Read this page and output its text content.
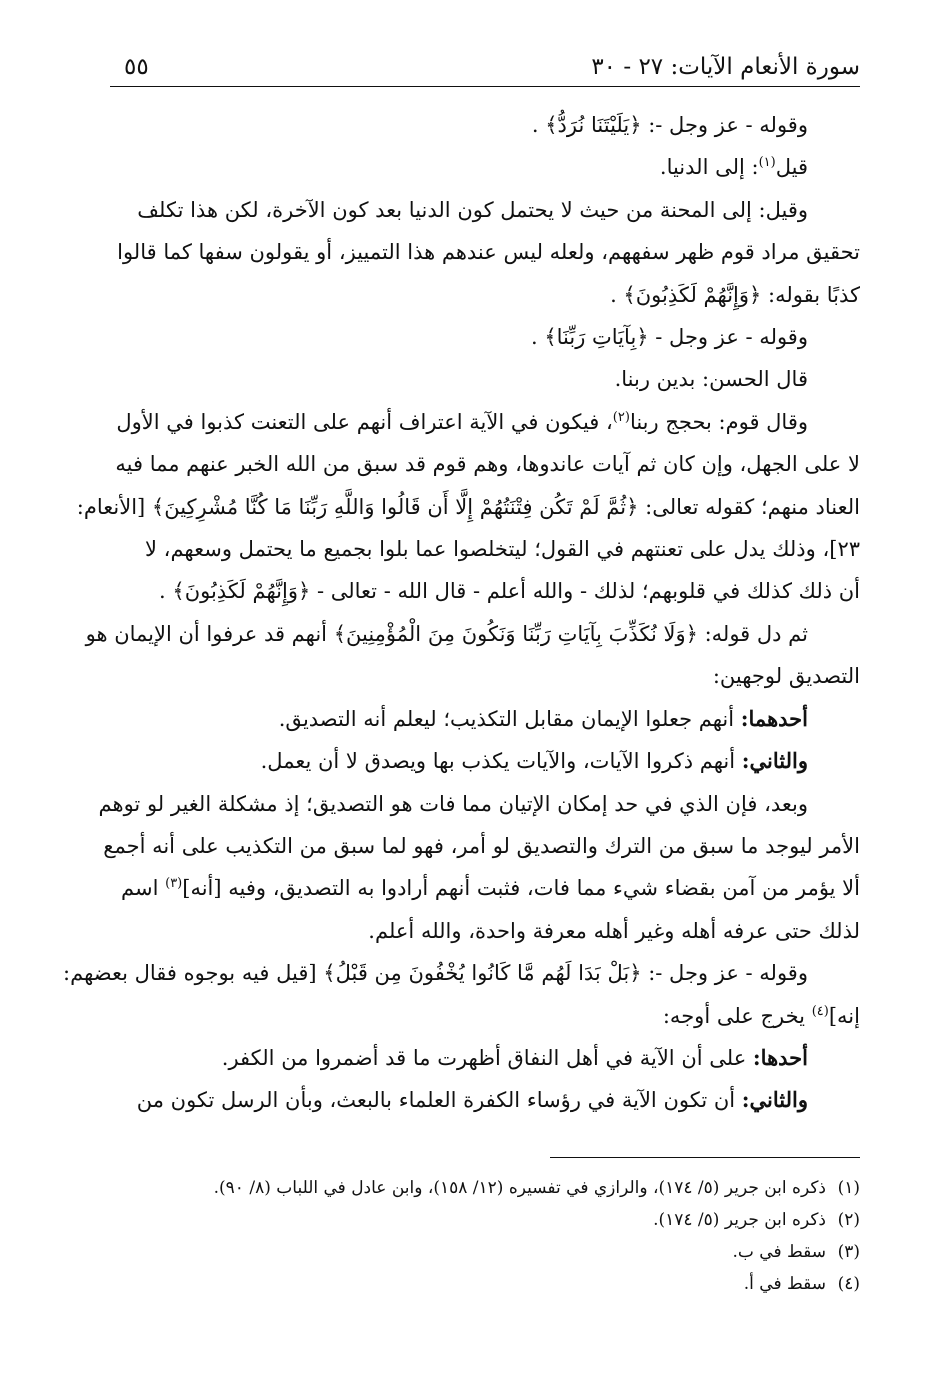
سورة الأنعام الآيات: ٢٧ - ٣٠
٥٥

وقوله - عز وجل -: ﴿يَلَيْتَنَا نُرَدُّ﴾ .

قيل$^{(١)}$: إلى الدنيا.

وقيل: إلى المحنة من حيث لا يحتمل كون الدنيا بعد كون الآخرة، لكن هذا تكلف

تحقيق مراد قوم ظهر سفههم، ولعله ليس عندهم هذا التمييز، أو يقولون سفها كما قالوا

كذبًا بقوله: ﴿وَإِنَّهُمْ لَكَذِبُونَ﴾ .

وقوله - عز وجل - ﴿بِآيَاتِ رَبِّنَا﴾ .

قال الحسن: بدين ربنا.

وقال قوم: بحجج ربنا$^{(٢)}$، فيكون في الآية اعتراف أنهم على التعنت كذبوا في الأول

لا على الجهل، وإن كان ثم آيات عاندوها، وهم قوم قد سبق من الله الخبر عنهم مما فيه

العناد منهم؛ كقوله تعالى: ﴿ثُمَّ لَمْ تَكُن فِتْنَتُهُمْ إِلَّا أَن قَالُوا وَاللَّهِ رَبِّنَا مَا كُنَّا مُشْرِكِينَ﴾ [الأنعام:

٢٣]، وذلك يدل على تعنتهم في القول؛ ليتخلصوا عما بلوا بجميع ما يحتمل وسعهم، لا

أن ذلك كذلك في قلوبهم؛ لذلك - والله أعلم - قال الله - تعالى - ﴿وَإِنَّهُمْ لَكَذِبُونَ﴾ .

ثم دل قوله: ﴿وَلَا نُكَذِّبَ بِآيَاتِ رَبِّنَا وَنَكُونَ مِنَ الْمُؤْمِنِينَ﴾ أنهم قد عرفوا أن الإيمان هو

التصديق لوجهين:

أحدهما: أنهم جعلوا الإيمان مقابل التكذيب؛ ليعلم أنه التصديق.

والثاني: أنهم ذكروا الآيات، والآيات يكذب بها ويصدق لا أن يعمل.

وبعد، فإن الذي في حد إمكان الإتيان مما فات هو التصديق؛ إذ مشكلة الغير لو توهم

الأمر ليوجد ما سبق من الترك والتصديق لو أمر، فهو لما سبق من التكذيب على أنه أجمع

ألا يؤمر من آمن بقضاء شيء مما فات، فثبت أنهم أرادوا به التصديق، وفيه [أنه]$^{(٣)}$ اسم

لذلك حتى عرفه أهله وغير أهله معرفة واحدة، والله أعلم.

وقوله - عز وجل -: ﴿بَلْ بَدَا لَهُم مَّا كَانُوا يُخْفُونَ مِن قَبْلُ﴾ [قيل فيه بوجوه فقال بعضهم:

إنه]$^{(٤)}$ يخرج على أوجه:

أحدها: على أن الآية في أهل النفاق أظهرت ما قد أضمروا من الكفر.

والثاني: أن تكون الآية في رؤساء الكفرة العلماء بالبعث، وبأن الرسل تكون من

(١)ذكره ابن جرير (٥/ ١٧٤)، والرازي في تفسيره (١٢/ ١٥٨)، وابن عادل في اللباب (٨/ ٩٠).
(٢)ذكره ابن جرير (٥/ ١٧٤).
(٣)سقط في ب.
(٤)سقط في أ.
